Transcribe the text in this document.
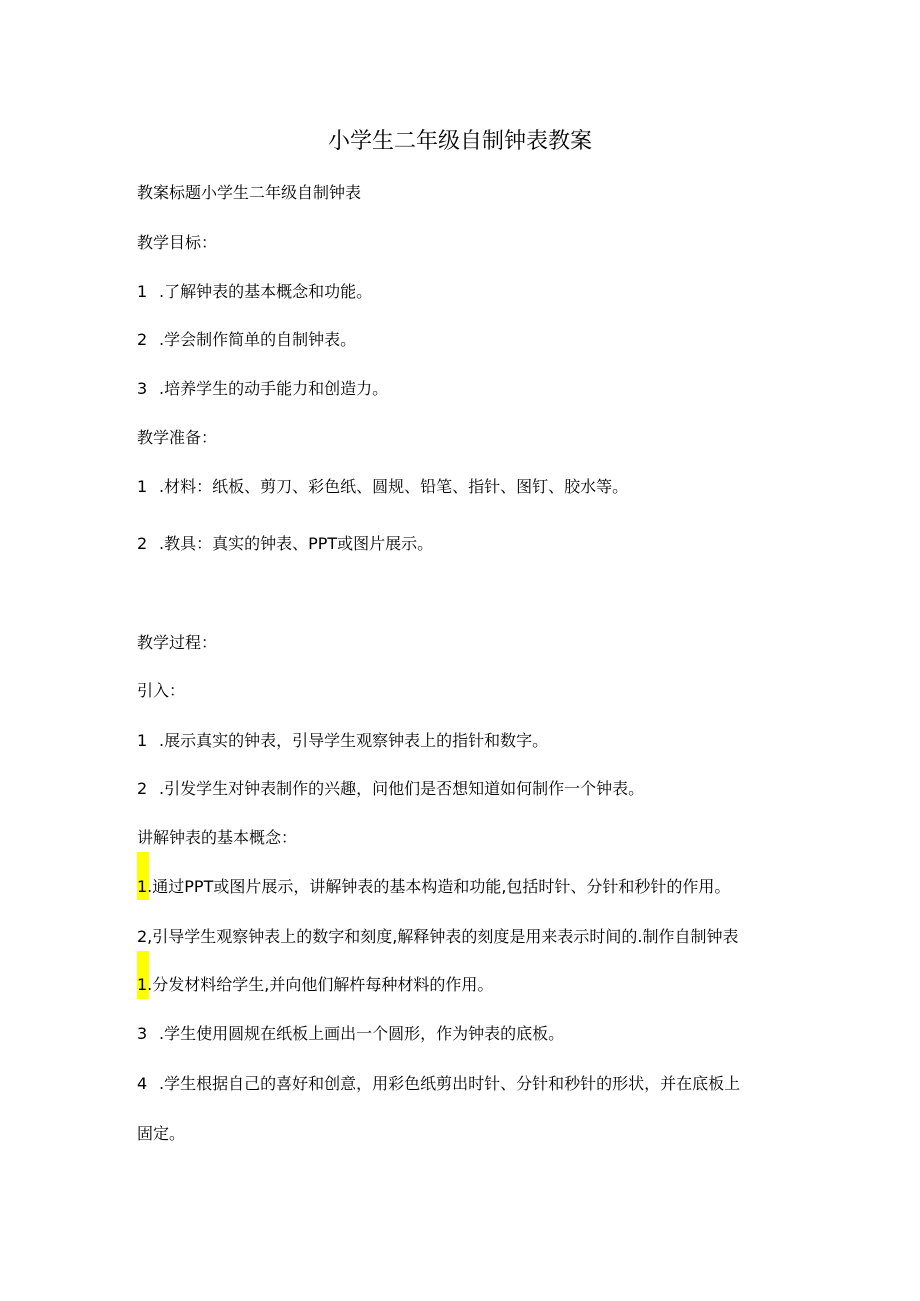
小学生二年级自制钟表教案
教案标题小学生二年级自制钟表
教学目标：
1 .了解钟表的基本概念和功能。
2 .学会制作简单的自制钟表。
3 .培养学生的动手能力和创造力。
教学准备：
1 .材料：纸板、剪刀、彩色纸、圆规、铅笔、指针、图钉、胶水等。
2 .教具：真实的钟表、PPT或图片展示。
教学过程：
引入：
1 .展示真实的钟表，引导学生观察钟表上的指针和数字。
2 .引发学生对钟表制作的兴趣，问他们是否想知道如何制作一个钟表。
讲解钟表的基本概念：
1.通过PPT或图片展示，讲解钟表的基本构造和功能,包括时针、分针和秒针的作用。
2,引导学生观察钟表上的数字和刻度,解释钟表的刻度是用来表示时间的.制作自制钟表
1.分发材料给学生,并向他们解杵每种材料的作用。
3 .学生使用圆规在纸板上画出一个圆形，作为钟表的底板。
4 .学生根据自己的喜好和创意，用彩色纸剪出时针、分针和秒针的形状，并在底板上
固定。
